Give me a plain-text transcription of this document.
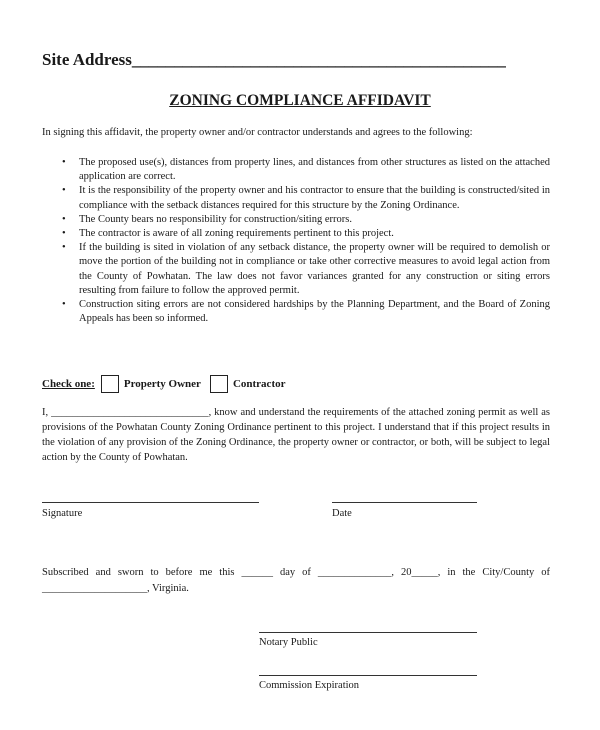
Site Address____________________________________________
ZONING COMPLIANCE AFFIDAVIT
In signing this affidavit, the property owner and/or contractor understands and agrees to the following:
• The proposed use(s), distances from property lines, and distances from other structures as listed on the attached application are correct.
• It is the responsibility of the property owner and his contractor to ensure that the building is constructed/sited in compliance with the setback distances required for this structure by the Zoning Ordinance.
• The County bears no responsibility for construction/siting errors.
• The contractor is aware of all zoning requirements pertinent to this project.
• If the building is sited in violation of any setback distance, the property owner will be required to demolish or move the portion of the building not in compliance or take other corrective measures to avoid legal action from the County of Powhatan. The law does not favor variances granted for any construction or siting errors resulting from failure to follow the approved permit.
• Construction siting errors are not considered hardships by the Planning Department, and the Board of Zoning Appeals has been so informed.
Check one:	Property Owner	Contractor

I, ______________________________, know and understand the requirements of the attached zoning permit as well as provisions of the Powhatan County Zoning Ordinance pertinent to this project. I understand that if this project results in the violation of any provision of the Zoning Ordinance, the property owner or contractor, or both, will be subject to legal action by the County of Powhatan.

Signature	Date

Subscribed and sworn to before me this ______ day of ______________, 20_____, in the City/County of ____________________, Virginia.

Notary Public
Commission Expiration
